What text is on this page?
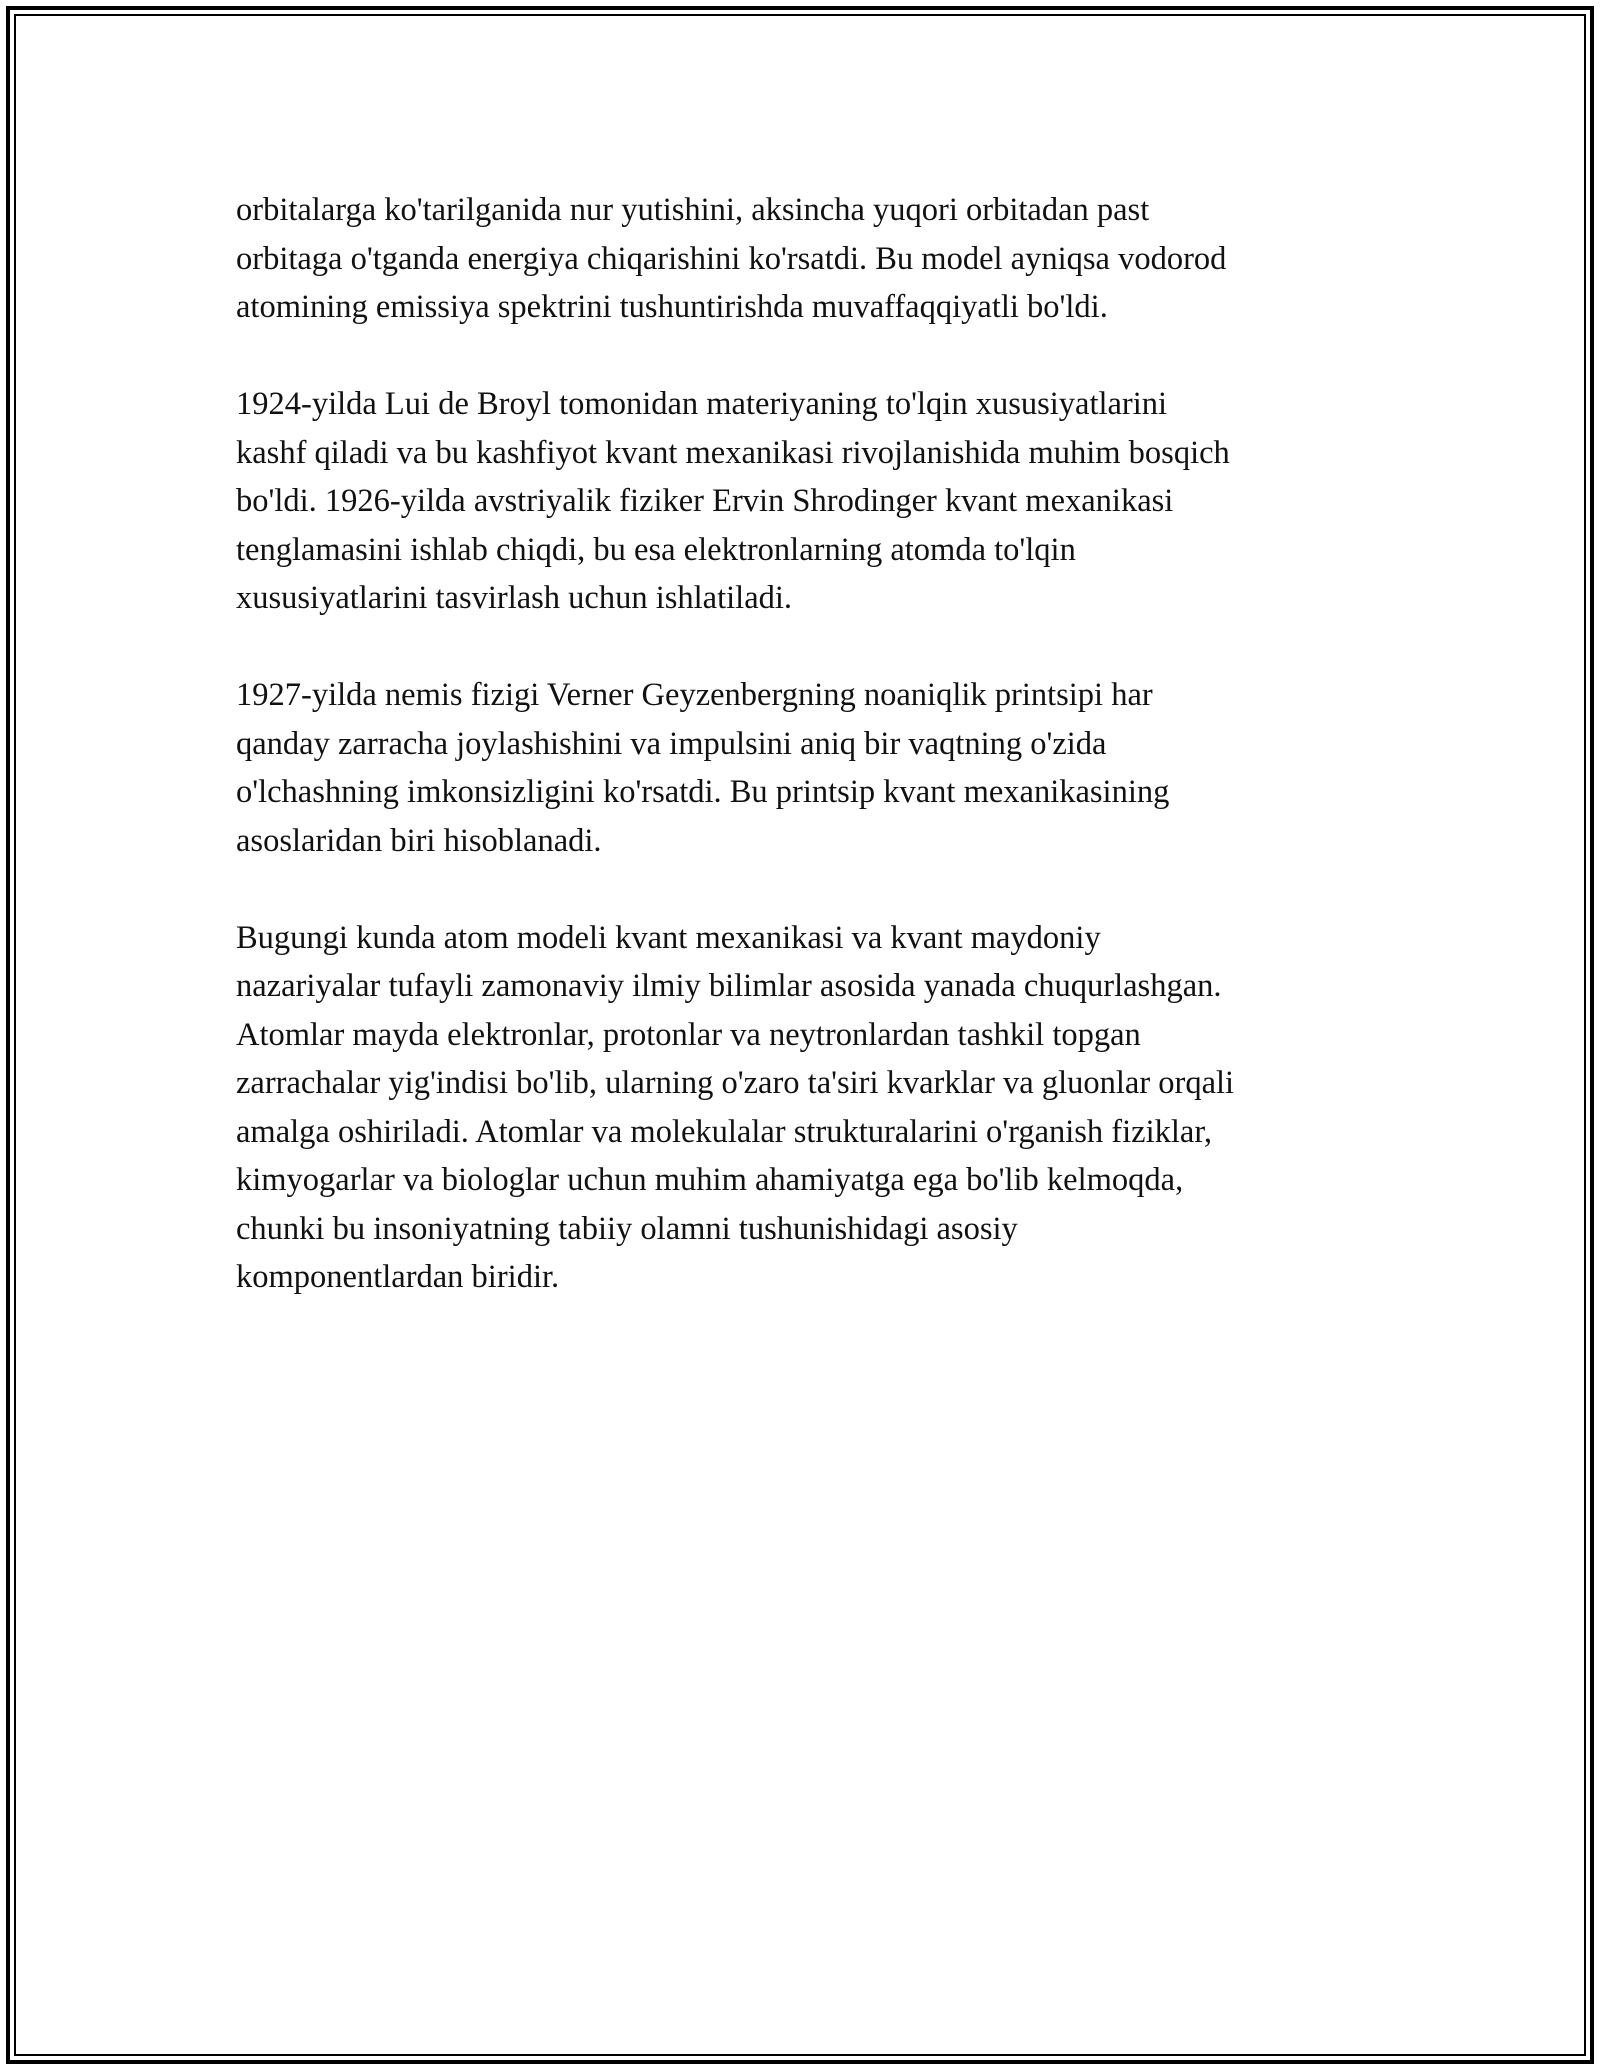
orbitalarga ko'tarilganida nur yutishini, aksincha yuqori orbitadan past
orbitaga o'tganda energiya chiqarishini ko'rsatdi. Bu model ayniqsa vodorod
atomining emissiya spektrini tushuntirishda muvaffaqqiyatli bo'ldi.

1924-yilda Lui de Broyl tomonidan materiyaning to'lqin xususiyatlarini
kashf qiladi va bu kashfiyot kvant mexanikasi rivojlanishida muhim bosqich
bo'ldi. 1926-yilda avstriyalik fiziker Ervin Shrodinger kvant mexanikasi
tenglamasini ishlab chiqdi, bu esa elektronlarning atomda to'lqin
xususiyatlarini tasvirlash uchun ishlatiladi.

1927-yilda nemis fizigi Verner Geyzenbergning noaniqlik printsipi har
qanday zarracha joylashishini va impulsini aniq bir vaqtning o'zida
o'lchashning imkonsizligini ko'rsatdi. Bu printsip kvant mexanikasining
asoslaridan biri hisoblanadi.

Bugungi kunda atom modeli kvant mexanikasi va kvant maydoniy
nazariyalar tufayli zamonaviy ilmiy bilimlar asosida yanada chuqurlashgan.
Atomlar mayda elektronlar, protonlar va neytronlardan tashkil topgan
zarrachalar yig'indisi bo'lib, ularning o'zaro ta'siri kvarklar va gluonlar orqali
amalga oshiriladi. Atomlar va molekulalar strukturalarini o'rganish fiziklar,
kimyogarlar va biologlar uchun muhim ahamiyatga ega bo'lib kelmoqda,
chunki bu insoniyatning tabiiy olamni tushunishidagi asosiy
komponentlardan biridir.
